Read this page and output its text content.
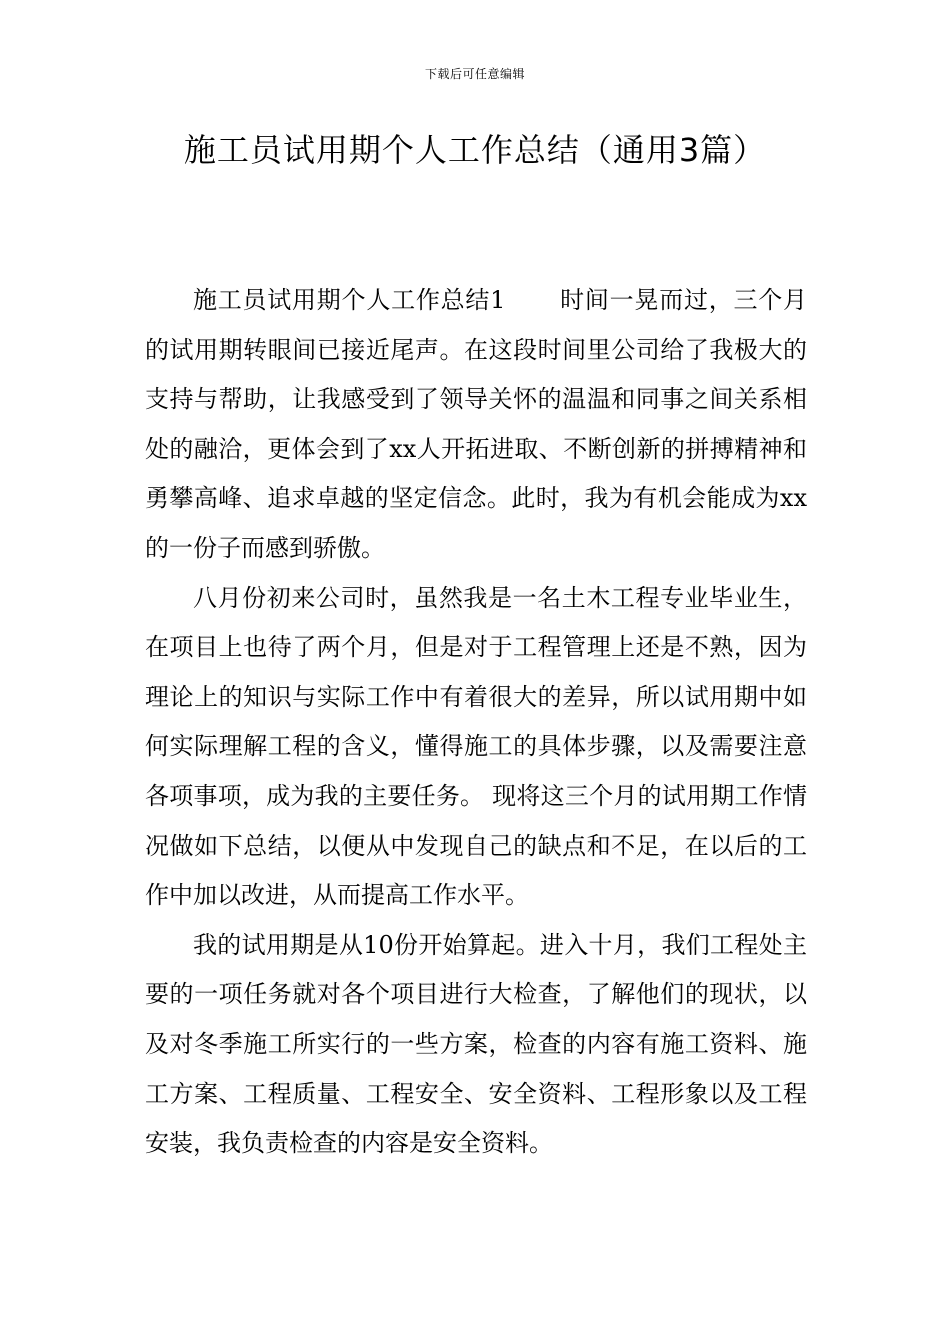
下载后可任意编辑
施工员试用期个人工作总结（通用3篇）

施工员试用期个人工作总结1 时间一晃而过，三个月的试用期转眼间已接近尾声。在这段时间里公司给了我极大的支持与帮助，让我感受到了领导关怀的温温和同事之间关系相处的融洽，更体会到了xx人开拓进取、不断创新的拼搏精神和勇攀高峰、追求卓越的坚定信念。此时，我为有机会能成为xx的一份子而感到骄傲。

八月份初来公司时，虽然我是一名土木工程专业毕业生，在项目上也待了两个月，但是对于工程管理上还是不熟，因为理论上的知识与实际工作中有着很大的差异，所以试用期中如何实际理解工程的含义，懂得施工的具体步骤，以及需要注意各项事项，成为我的主要任务。 现将这三个月的试用期工作情况做如下总结，以便从中发现自己的缺点和不足，在以后的工作中加以改进，从而提高工作水平。

我的试用期是从10份开始算起。进入十月，我们工程处主要的一项任务就对各个项目进行大检查，了解他们的现状，以及对冬季施工所实行的一些方案，检查的内容有施工资料、施工方案、工程质量、工程安全、安全资料、工程形象以及工程安装，我负责检查的内容是安全资料。
